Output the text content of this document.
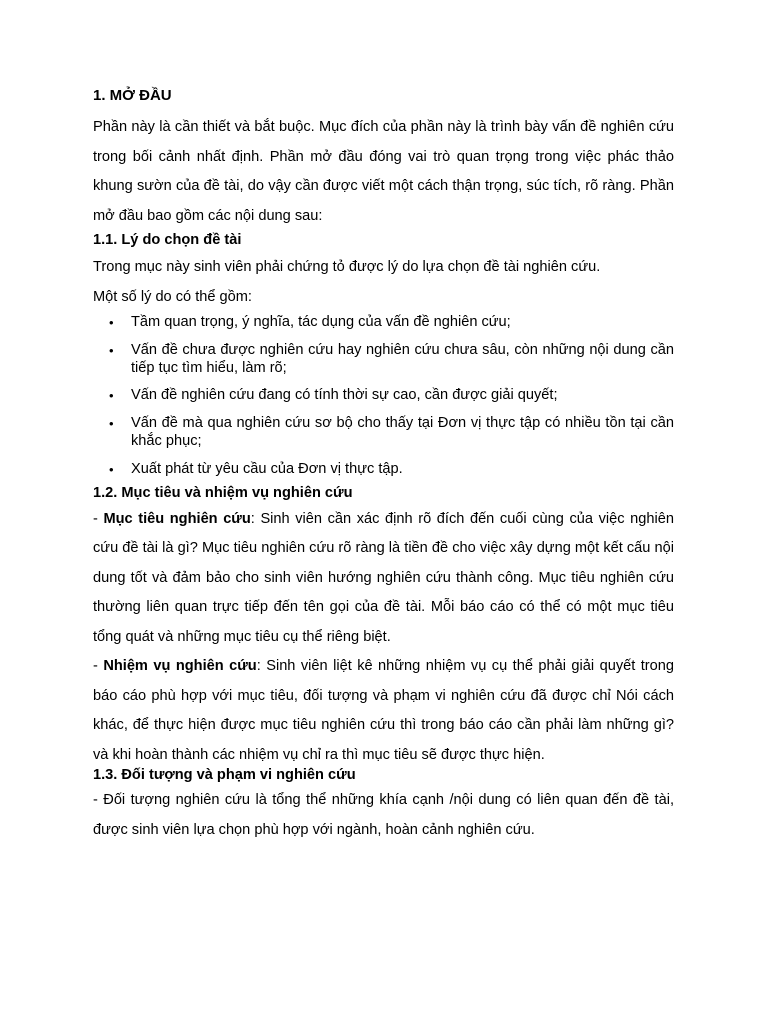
1. MỞ ĐẦU

Phần này là cần thiết và bắt buộc. Mục đích của phần này là trình bày vấn đề nghiên cứu trong bối cảnh nhất định. Phần mở đầu đóng vai trò quan trọng trong việc phác thảo khung sườn của đề tài, do vậy cần được viết một cách thận trọng, súc tích, rõ ràng. Phần mở đầu bao gồm các nội dung sau:

1.1. Lý do chọn đề tài

Trong mục này sinh viên phải chứng tỏ được lý do lựa chọn đề tài nghiên cứu.

Một số lý do có thể gồm:

• Tầm quan trọng, ý nghĩa, tác dụng của vấn đề nghiên cứu;
• Vấn đề chưa được nghiên cứu hay nghiên cứu chưa sâu, còn những nội dung cần tiếp tục tìm hiểu, làm rõ;
• Vấn đề nghiên cứu đang có tính thời sự cao, cần được giải quyết;
• Vấn đề mà qua nghiên cứu sơ bộ cho thấy tại Đơn vị thực tập có nhiều tồn tại cần khắc phục;
• Xuất phát từ yêu cầu của Đơn vị thực tập.
1.2. Mục tiêu và nhiệm vụ nghiên cứu

- Mục tiêu nghiên cứu: Sinh viên cần xác định rõ đích đến cuối cùng của việc nghiên cứu đề tài là gì? Mục tiêu nghiên cứu rõ ràng là tiền đề cho việc xây dựng một kết cấu nội dung tốt và đảm bảo cho sinh viên hướng nghiên cứu thành công. Mục tiêu nghiên cứu thường liên quan trực tiếp đến tên gọi của đề tài. Mỗi báo cáo có thể có một mục tiêu tổng quát và những mục tiêu cụ thể riêng biệt.

- Nhiệm vụ nghiên cứu: Sinh viên liệt kê những nhiệm vụ cụ thể phải giải quyết trong báo cáo phù hợp với mục tiêu, đối tượng và phạm vi nghiên cứu đã được chỉ Nói cách khác, để thực hiện được mục tiêu nghiên cứu thì trong báo cáo cần phải làm những gì? và khi hoàn thành các nhiệm vụ chỉ ra thì mục tiêu sẽ được thực hiện.

1.3. Đối tượng và phạm vi nghiên cứu

- Đối tượng nghiên cứu là tổng thể những khía cạnh /nội dung có liên quan đến đề tài, được sinh viên lựa chọn phù hợp với ngành, hoàn cảnh nghiên cứu.
